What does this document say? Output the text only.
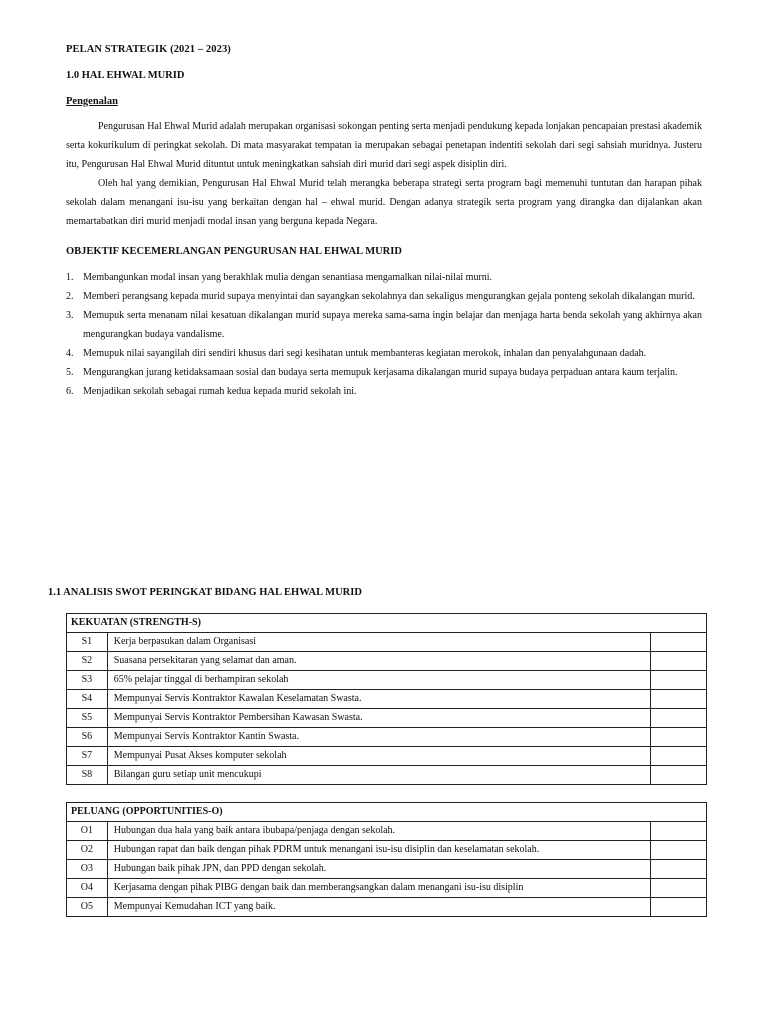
PELAN STRATEGIK (2021 – 2023)
1.0 HAL EHWAL MURID
Pengenalan

Pengurusan Hal Ehwal Murid adalah merupakan organisasi sokongan penting serta menjadi pendukung kepada lonjakan pencapaian prestasi akademik serta kokurikulum di peringkat sekolah. Di mata masyarakat tempatan ia merupakan sebagai penetapan indentiti sekolah dari segi sahsiah muridnya. Justeru itu, Pengurusan Hal Ehwal Murid dituntut untuk meningkatkan sahsiah diri murid dari segi aspek disiplin diri.

Oleh hal yang demikian, Pengurusan Hal Ehwal Murid telah merangka beberapa strategi serta program bagi memenuhi tuntutan dan harapan pihak sekolah dalam menangani isu-isu yang berkaitan dengan hal – ehwal murid. Dengan adanya strategik serta program yang dirangka dan dijalankan akan memartabatkan diri murid menjadi modal insan yang berguna kepada Negara.

OBJEKTIF KECEMERLANGAN PENGURUSAN HAL EHWAL MURID
1. Membangunkan modal insan yang berakhlak mulia dengan senantiasa mengamalkan nilai-nilai murni.
2. Memberi perangsang kepada murid supaya menyintai dan sayangkan sekolahnya dan sekaligus mengurangkan gejala ponteng sekolah dikalangan murid.
3. Memupuk serta menanam nilai kesatuan dikalangan murid supaya mereka sama-sama ingin belajar dan menjaga harta benda sekolah yang akhirnya akan mengurangkan budaya vandalisme.
4. Memupuk nilai sayangilah diri sendiri khusus dari segi kesihatan untuk membanteras kegiatan merokok, inhalan dan penyalahgunaan dadah.
5. Mengurangkan jurang ketidaksamaan sosial dan budaya serta memupuk kerjasama dikalangan murid supaya budaya perpaduan antara kaum terjalin.
6. Menjadikan sekolah sebagai rumah kedua kepada murid sekolah ini.
1.1 ANALISIS SWOT PERINGKAT BIDANG HAL EHWAL MURID
KEKUATAN (STRENGTH-S)		
S1	Kerja berpasukan dalam Organisasi	
S2	Suasana persekitaran yang selamat dan aman.	
S3	65% pelajar tinggal di berhampiran sekolah	
S4	Mempunyai Servis Kontraktor Kawalan Keselamatan Swasta.	
S5	Mempunyai Servis Kontraktor Pembersihan Kawasan Swasta.	
S6	Mempunyai Servis Kontraktor Kantin Swasta.	
S7	Mempunyai Pusat Akses komputer sekolah	
S8	Bilangan guru setiap unit mencukupi	
PELUANG (OPPORTUNITIES-O)		
O1	Hubungan dua hala yang baik antara ibubapa/penjaga dengan sekolah.	
O2	Hubungan rapat dan baik dengan pihak PDRM untuk menangani isu-isu disiplin dan keselamatan sekolah.	
O3	Hubungan baik pihak JPN, dan PPD dengan sekolah.	
O4	Kerjasama dengan pihak PIBG dengan baik dan memberangsangkan dalam menangani isu-isu disiplin	
O5	Mempunyai Kemudahan ICT yang baik.	
